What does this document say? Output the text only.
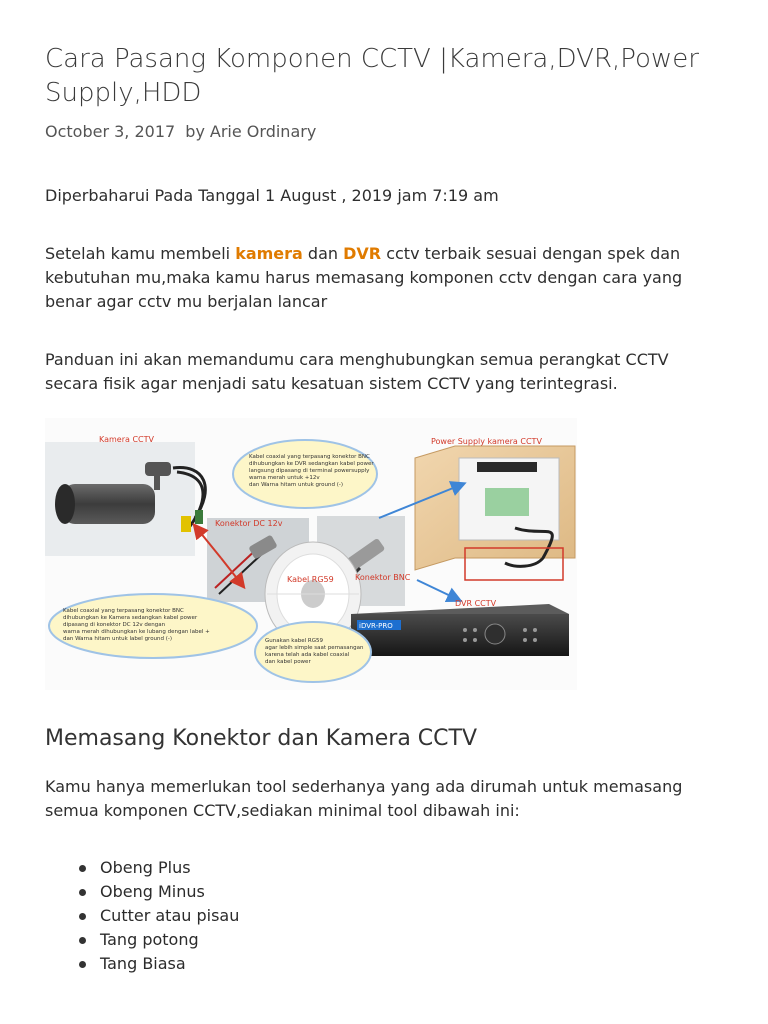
Cara Pasang Komponen CCTV |Kamera,DVR,Power Supply,HDD
October 3, 2017 by Arie Ordinary

Diperbaharui Pada Tanggal 1 August , 2019 jam 7:19 am

Setelah kamu membeli kamera dan DVR cctv terbaik sesuai dengan spek dan kebutuhan mu,maka kamu harus memasang komponen cctv dengan cara yang benar agar cctv mu berjalan lancar

Panduan ini akan memandumu cara menghubungkan semua perangkat CCTV secara fisik agar menjadi satu kesatuan sistem CCTV yang terintegrasi.

Kamera CCTV	Power Supply kamera CCTV
Konektor DC 12v
Kabel RG59	Konektor BNC
DVR CCTV
iDVR-PRO
Kabel coaxial yang terpasang konektor BNC
dihubungkan ke DVR sedangkan kabel power
langsung dipasang di terminal powersupply
warna merah untuk +12v
dan Warna hitam untuk ground (-)
Kabel coaxial yang terpasang konektor BNC
dihubungkan ke Kamera sedangkan kabel power
dipasang di konektor DC 12v dengan
warna merah dihubungkan ke lubang dengan label +
dan Warna hitam untuk label ground (-)	Gunakan kabel RG59
agar lebih simple saat pemasangan
karena telah ada kabel coaxial
dan kabel power
Memasang Konektor dan Kamera CCTV

Kamu hanya memerlukan tool sederhanya yang ada dirumah untuk memasang semua komponen CCTV,sediakan minimal tool dibawah ini:

Obeng Plus
Obeng Minus
Cutter atau pisau
Tang potong
Tang Biasa
